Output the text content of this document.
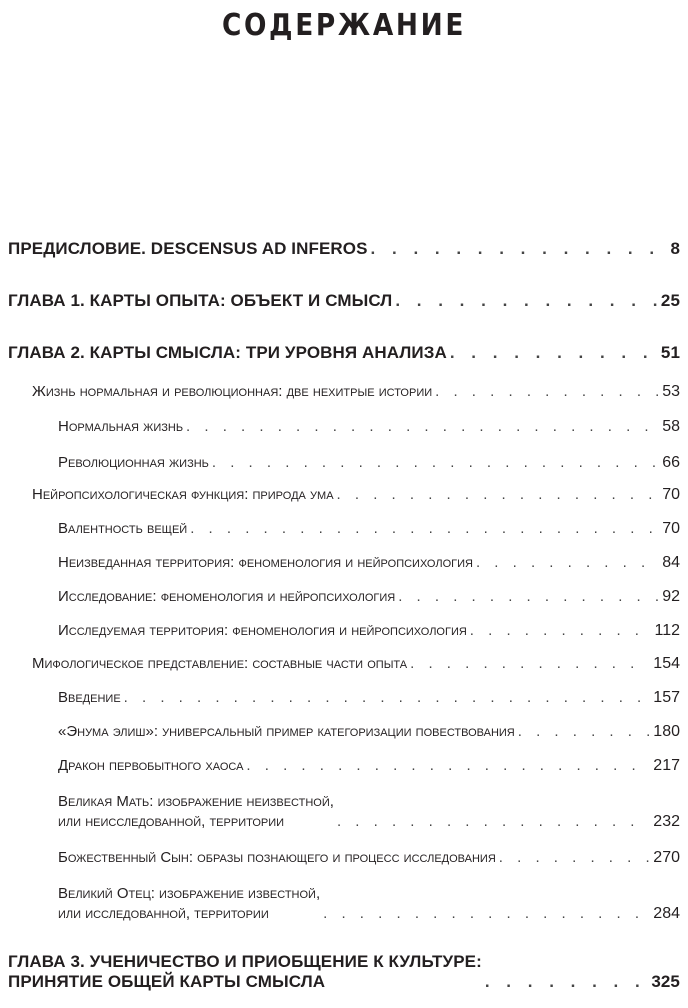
СОДЕРЖАНИЕ
ПРЕДИСЛОВИЕ. DESCENSUS AD INFEROS . . .	8
ГЛАВА 1. КАРТЫ ОПЫТА: ОБЪЕКТ И СМЫСЛ . . .	25
ГЛАВА 2. КАРТЫ СМЫСЛА: ТРИ УРОВНЯ АНАЛИЗА . . .	51
Жизнь нормальная и революционная: две нехитрые истории . . .	53
Нормальная жизнь . . .	58
Революционная жизнь . . .	66
Нейропсихологическая функция: природа ума . . .	70
Валентность вещей . . .	70
Неизведанная территория: феноменология и нейропсихология . . .	84
Исследование: феноменология и нейропсихология . . .	92
Исследуемая территория: феноменология и нейропсихология . . .	112
Мифологическое представление: составные части опыта . . .	154
Введение . . .	157
«Энума элиш»: универсальный пример категоризации повествования . . .	180
Дракон первобытного хаоса . . .	217
Великая Мать: изображение неизвестной,
или неисследованной, территории . . .	232
Божественный Сын: образы познающего и процесс исследования . . .	270
Великий Отец: изображение известной,
или исследованной, территории . . .	284
ГЛАВА 3. УЧЕНИЧЕСТВО И ПРИОБЩЕНИЕ К КУЛЬТУРЕ:
ПРИНЯТИЕ ОБЩЕЙ КАРТЫ СМЫСЛА . . .	325
